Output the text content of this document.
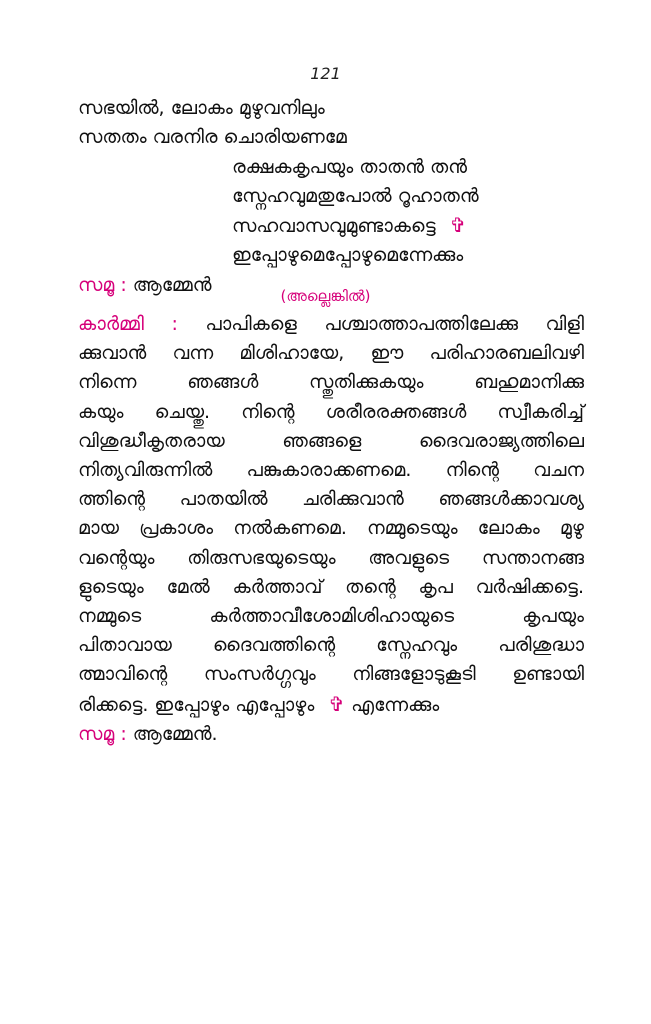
121
സഭയിൽ, ലോകം മുഴുവനിലും
സതതം വരനിര ചൊരിയണമേ
രക്ഷകകൃപയും താതൻ തൻ
സ്നേഹവുമതുപോൽ റൂഹാതൻ
സഹവാസവുമുണ്ടാകട്ടെ ✞
ഇപ്പോഴുമെപ്പോഴുമെന്നേക്കും
സമൂ : ആമ്മേൻ
(അല്ലെങ്കിൽ)
കാർമ്മി : പാപികളെ പശ്ചാത്താപത്തിലേക്കു വിളി
ക്കുവാൻ വന്ന മിശിഹായേ, ഈ പരിഹാരബലിവഴി
നിന്നെ ഞങ്ങൾ സ്തുതിക്കുകയും ബഹുമാനിക്കു
കയും ചെയ്തു. നിന്റെ ശരീരരക്തങ്ങൾ സ്വീകരിച്ച്
വിശുദ്ധീകൃതരായ ഞങ്ങളെ ദൈവരാജ്യത്തിലെ
നിത്യവിരുന്നിൽ പങ്കുകാരാക്കണമെ. നിന്റെ വചന
ത്തിന്റെ പാതയിൽ ചരിക്കുവാൻ ഞങ്ങൾക്കാവശ്യ
മായ പ്രകാശം നൽകണമെ. നമ്മുടെയും ലോകം മുഴു
വന്റെയും തിരുസഭയുടെയും അവളുടെ സന്താനങ്ങ
ളുടെയും മേൽ കർത്താവ് തന്റെ കൃപ വർഷിക്കട്ടെ.
നമ്മുടെ കർത്താവീശോമിശിഹായുടെ കൃപയും
പിതാവായ ദൈവത്തിന്റെ സ്നേഹവും പരിശുദ്ധാ
ത്മാവിന്റെ സംസർഗ്ഗവും നിങ്ങളോടുകൂടി ഉണ്ടായി
രിക്കട്ടെ. ഇപ്പോഴും എപ്പോഴും ✞ എന്നേക്കും
സമൂ : ആമ്മേൻ.
